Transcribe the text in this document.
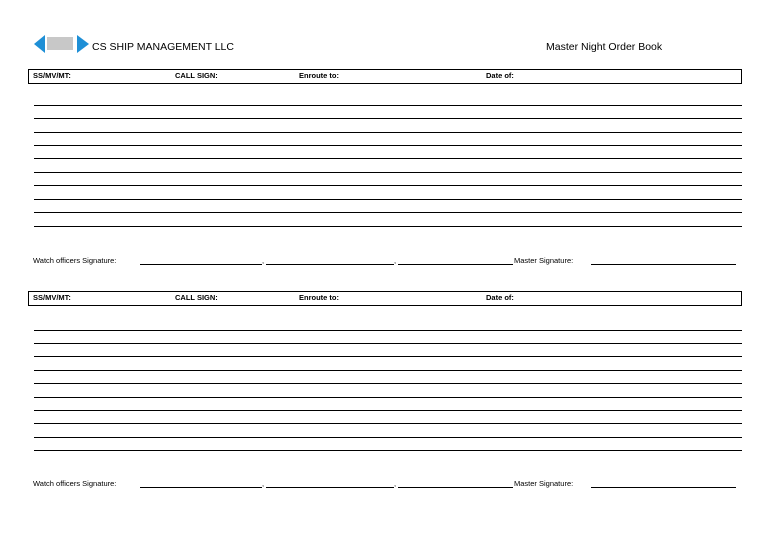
CS SHIP MANAGEMENT LLC	Master Night Order Book
SS/MV/MT:	CALL SIGN:	Enroute to:	Date of:
Watch officers Signature:	,	,	Master Signature:
SS/MV/MT:	CALL SIGN:	Enroute to:	Date of:
Watch officers Signature:	,	,	Master Signature:
